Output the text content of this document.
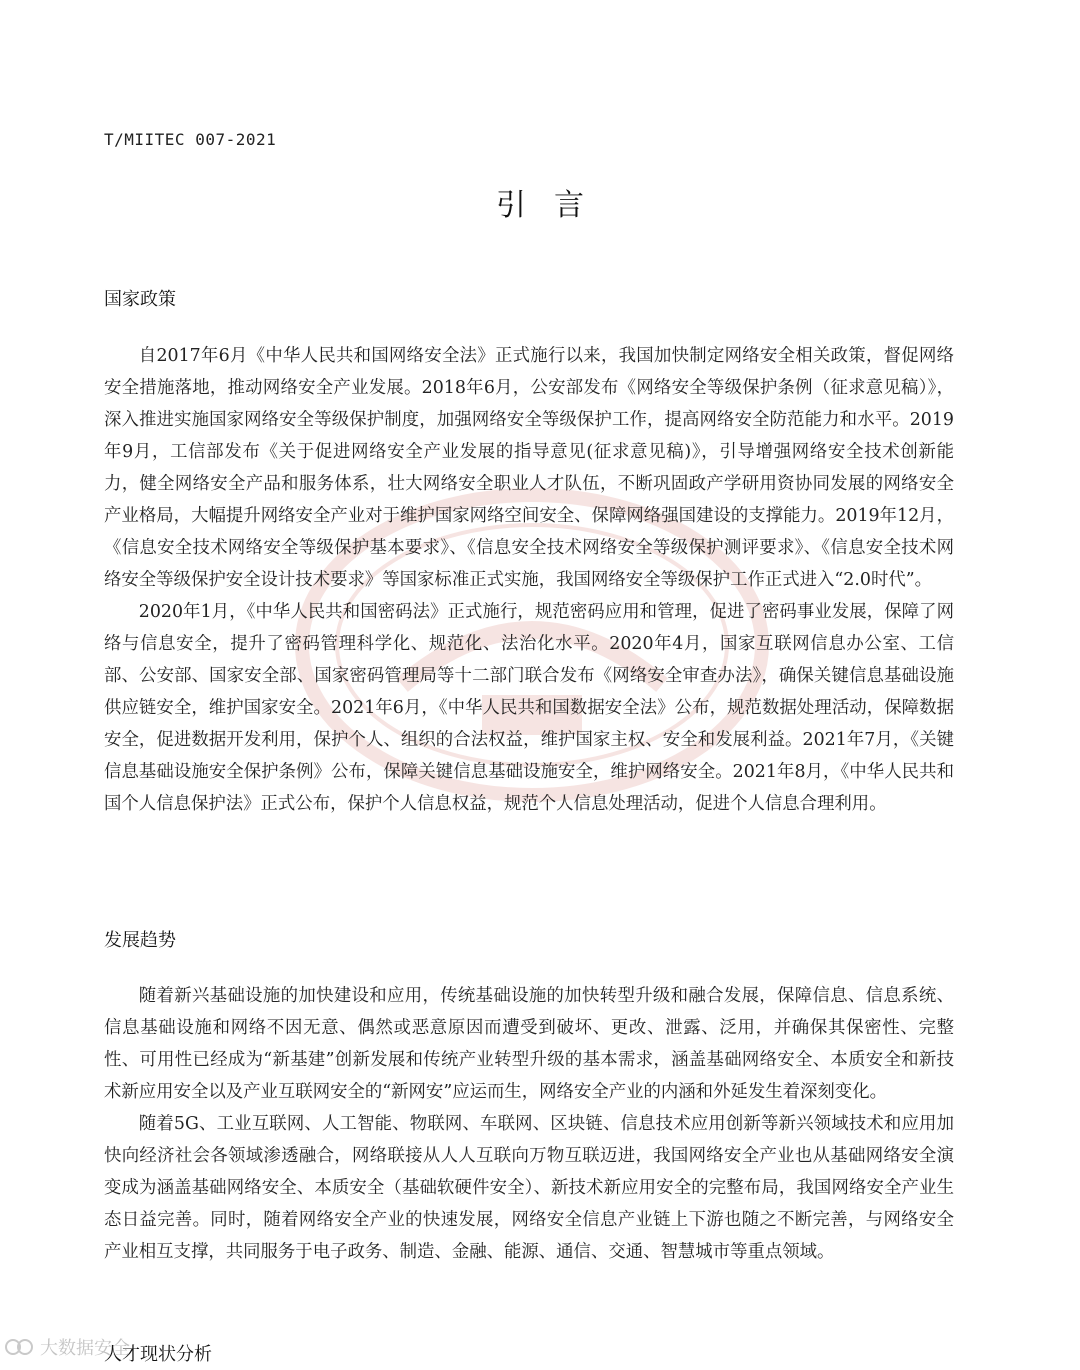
T/MIITEC 007-2021
引言
国家政策

自2017年6月《中华人民共和国网络安全法》正式施行以来，我国加快制定网络安全相关政策，督促网络安全措施落地，推动网络安全产业发展。2018年6月，公安部发布《网络安全等级保护条例（征求意见稿）》，深入推进实施国家网络安全等级保护制度，加强网络安全等级保护工作，提高网络安全防范能力和水平。2019年9月，工信部发布《关于促进网络安全产业发展的指导意见(征求意见稿)》，引导增强网络安全技术创新能力，健全网络安全产品和服务体系，壮大网络安全职业人才队伍，不断巩固政产学研用资协同发展的网络安全产业格局，大幅提升网络安全产业对于维护国家网络空间安全、保障网络强国建设的支撑能力。2019年12月，《信息安全技术网络安全等级保护基本要求》、《信息安全技术网络安全等级保护测评要求》、《信息安全技术网络安全等级保护安全设计技术要求》等国家标准正式实施，我国网络安全等级保护工作正式进入“2.0时代”。

2020年1月，《中华人民共和国密码法》正式施行，规范密码应用和管理，促进了密码事业发展，保障了网络与信息安全，提升了密码管理科学化、规范化、法治化水平。2020年4月，国家互联网信息办公室、工信部、公安部、国家安全部、国家密码管理局等十二部门联合发布《网络安全审查办法》，确保关键信息基础设施供应链安全，维护国家安全。2021年6月，《中华人民共和国数据安全法》公布，规范数据处理活动，保障数据安全，促进数据开发利用，保护个人、组织的合法权益，维护国家主权、安全和发展利益。2021年7月，《关键信息基础设施安全保护条例》公布，保障关键信息基础设施安全，维护网络安全。2021年8月，《中华人民共和国个人信息保护法》正式公布，保护个人信息权益，规范个人信息处理活动，促进个人信息合理利用。

发展趋势

随着新兴基础设施的加快建设和应用，传统基础设施的加快转型升级和融合发展，保障信息、信息系统、信息基础设施和网络不因无意、偶然或恶意原因而遭受到破坏、更改、泄露、泛用，并确保其保密性、完整性、可用性已经成为“新基建”创新发展和传统产业转型升级的基本需求，涵盖基础网络安全、本质安全和新技术新应用安全以及产业互联网安全的“新网安”应运而生，网络安全产业的内涵和外延发生着深刻变化。

随着5G、工业互联网、人工智能、物联网、车联网、区块链、信息技术应用创新等新兴领域技术和应用加快向经济社会各领域渗透融合，网络联接从人人互联向万物互联迈进，我国网络安全产业也从基础网络安全演变成为涵盖基础网络安全、本质安全（基础软硬件安全）、新技术新应用安全的完整布局，我国网络安全产业生态日益完善。同时，随着网络安全产业的快速发展，网络安全信息产业链上下游也随之不断完善，与网络安全产业相互支撑，共同服务于电子政务、制造、金融、能源、通信、交通、智慧城市等重点领域。

人才现状分析
大数据安全
